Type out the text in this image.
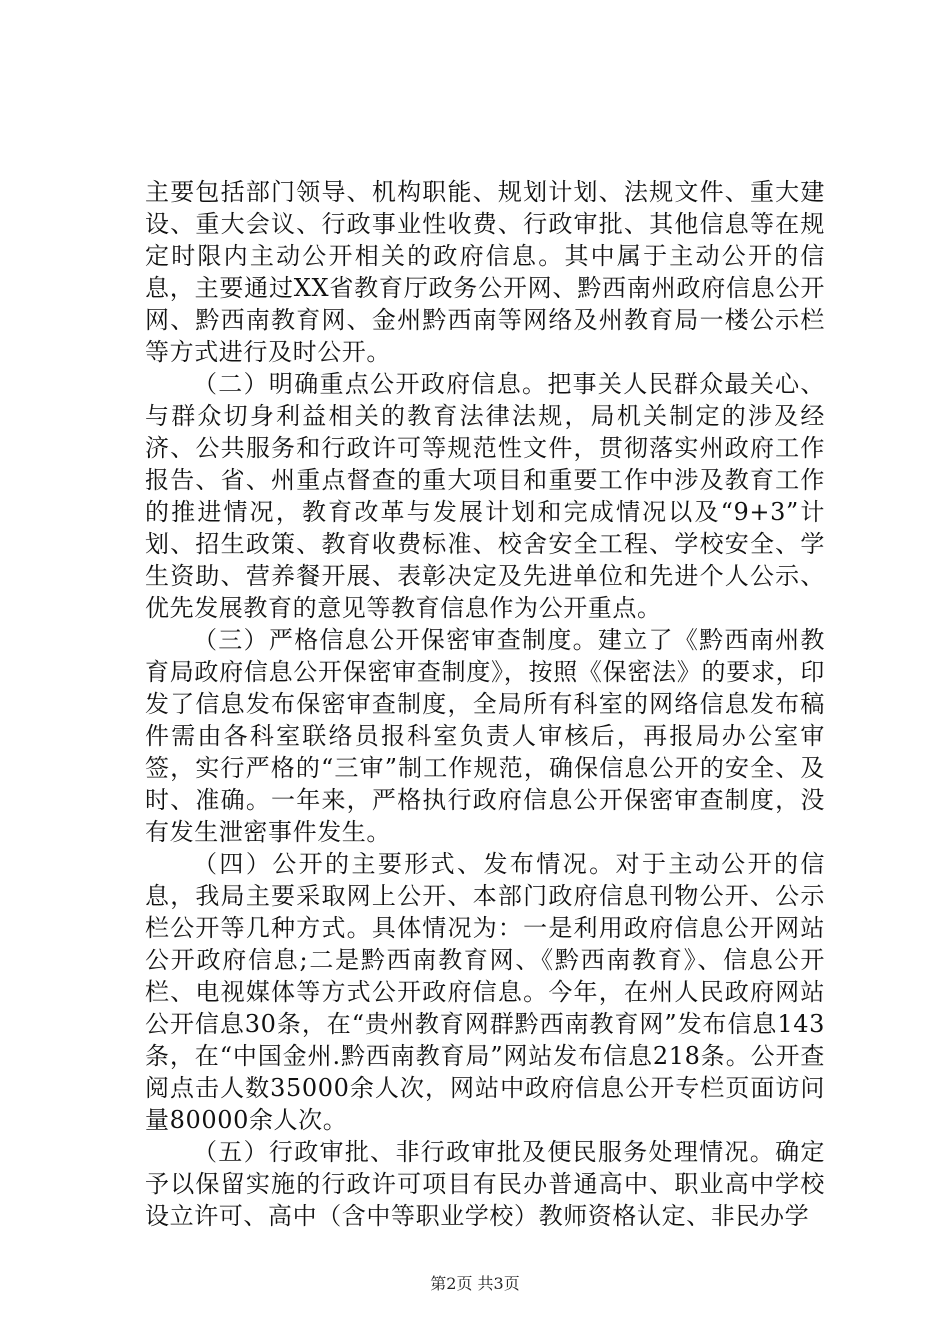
主要包括部门领导、机构职能、规划计划、法规文件、重大建设、重大会议、行政事业性收费、行政审批、其他信息等在规定时限内主动公开相关的政府信息。其中属于主动公开的信息，主要通过XX省教育厅政务公开网、黔西南州政府信息公开网、黔西南教育网、金州黔西南等网络及州教育局一楼公示栏等方式进行及时公开。

（二）明确重点公开政府信息。把事关人民群众最关心、与群众切身利益相关的教育法律法规，局机关制定的涉及经济、公共服务和行政许可等规范性文件，贯彻落实州政府工作报告、省、州重点督查的重大项目和重要工作中涉及教育工作的推进情况，教育改革与发展计划和完成情况以及“9+3”计划、招生政策、教育收费标准、校舍安全工程、学校安全、学生资助、营养餐开展、表彰决定及先进单位和先进个人公示、优先发展教育的意见等教育信息作为公开重点。

（三）严格信息公开保密审查制度。建立了《黔西南州教育局政府信息公开保密审查制度》，按照《保密法》的要求，印发了信息发布保密审查制度，全局所有科室的网络信息发布稿件需由各科室联络员报科室负责人审核后，再报局办公室审签，实行严格的“三审”制工作规范，确保信息公开的安全、及时、准确。一年来，严格执行政府信息公开保密审查制度，没有发生泄密事件发生。

（四）公开的主要形式、发布情况。对于主动公开的信息，我局主要采取网上公开、本部门政府信息刊物公开、公示栏公开等几种方式。具体情况为：一是利用政府信息公开网站公开政府信息;二是黔西南教育网、《黔西南教育》、信息公开栏、电视媒体等方式公开政府信息。今年，在州人民政府网站公开信息30条，在“贵州教育网群黔西南教育网”发布信息143条，在“中国金州.黔西南教育局”网站发布信息218条。公开查阅点击人数35000余人次，网站中政府信息公开专栏页面访问量80000余人次。

（五）行政审批、非行政审批及便民服务处理情况。确定予以保留实施的行政许可项目有民办普通高中、职业高中学校设立许可、高中（含中等职业学校）教师资格认定、非民办学

第2页 共3页
